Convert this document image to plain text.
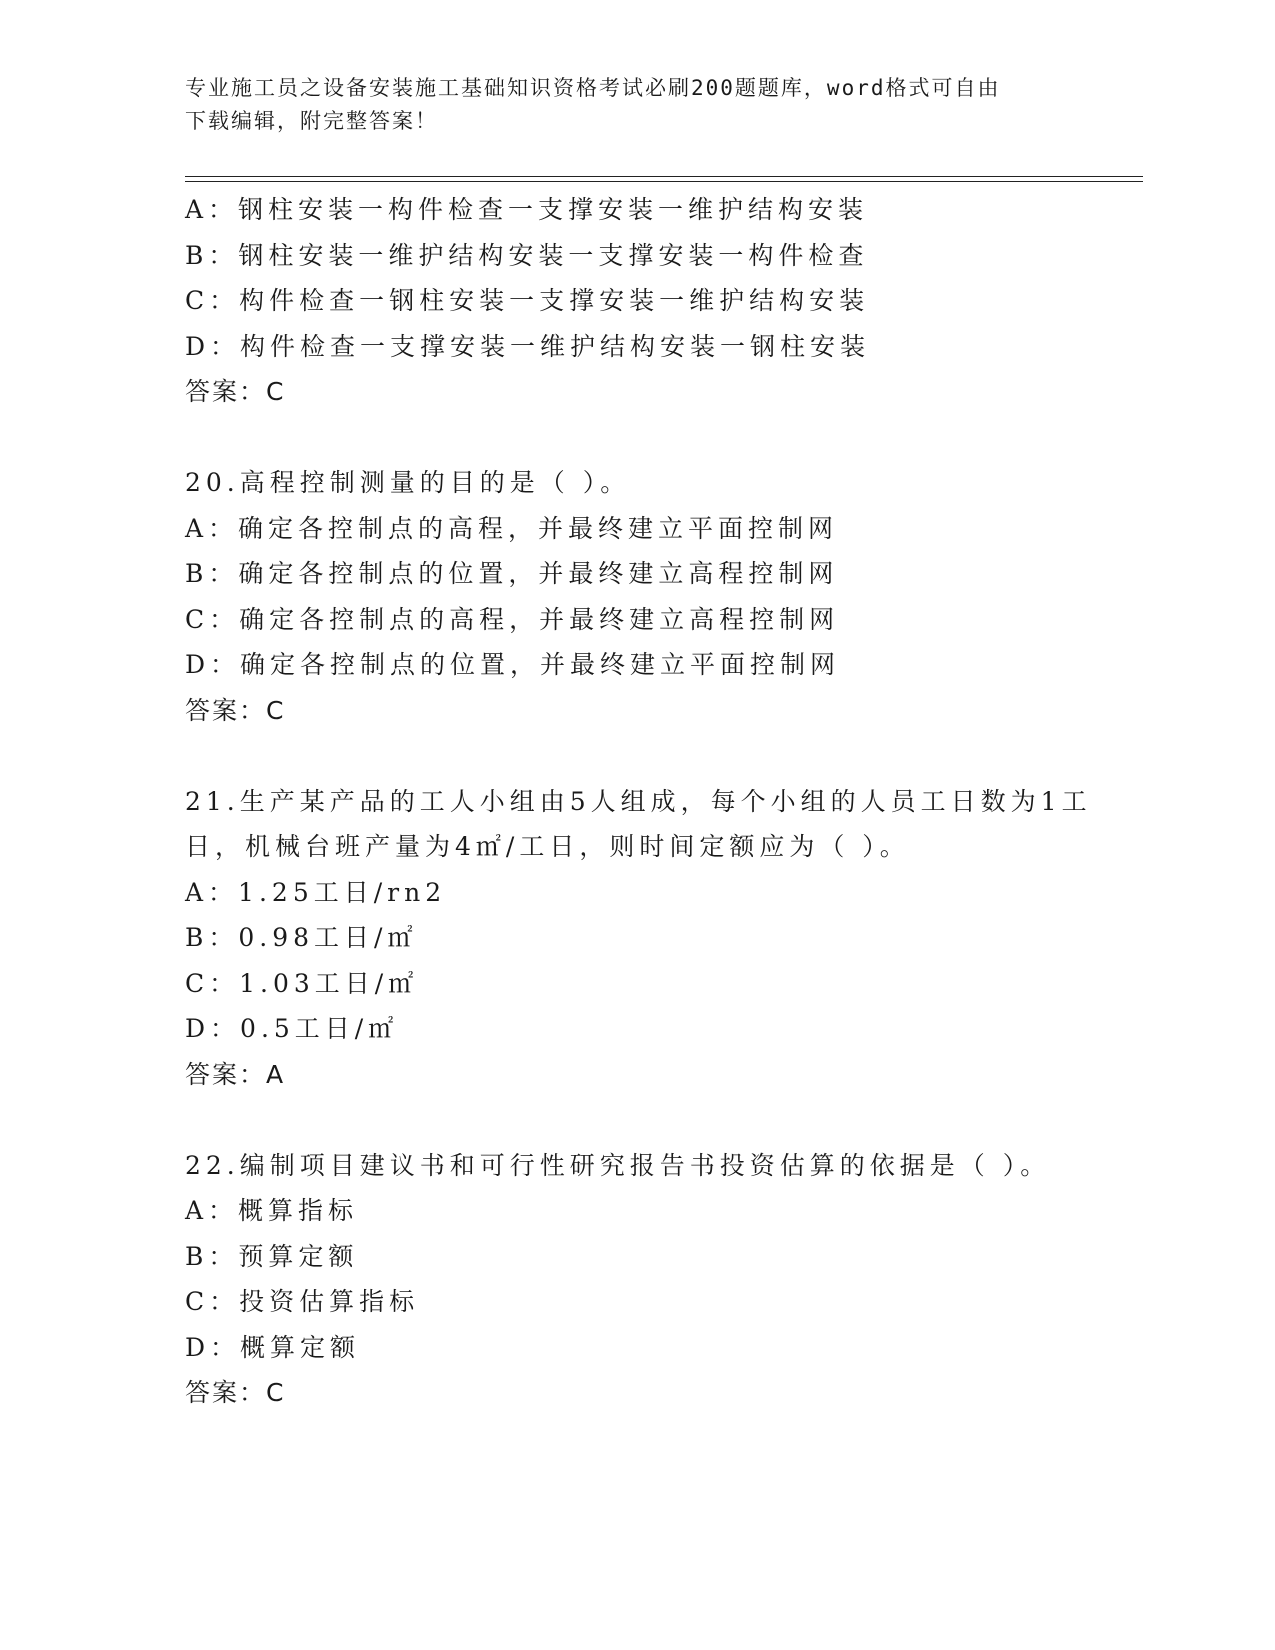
专业施工员之设备安装施工基础知识资格考试必刷200题题库，word格式可自由
下载编辑，附完整答案！
A：钢柱安装一构件检查一支撑安装一维护结构安装
B：钢柱安装一维护结构安装一支撑安装一构件检查
C：构件检查一钢柱安装一支撑安装一维护结构安装
D：构件检查一支撑安装一维护结构安装一钢柱安装
答案：C
20.高程控制测量的目的是（ ）。
A：确定各控制点的高程，并最终建立平面控制网
B：确定各控制点的位置，并最终建立高程控制网
C：确定各控制点的高程，并最终建立高程控制网
D：确定各控制点的位置，并最终建立平面控制网
答案：C
21.生产某产品的工人小组由5人组成，每个小组的人员工日数为1工
日，机械台班产量为4㎡/工日，则时间定额应为（ ）。
A：1.25工日/rn2
B：0.98工日/㎡
C：1.03工日/㎡
D：0.5工日/㎡
答案：A
22.编制项目建议书和可行性研究报告书投资估算的依据是（ ）。
A：概算指标
B：预算定额
C：投资估算指标
D：概算定额
答案：C
